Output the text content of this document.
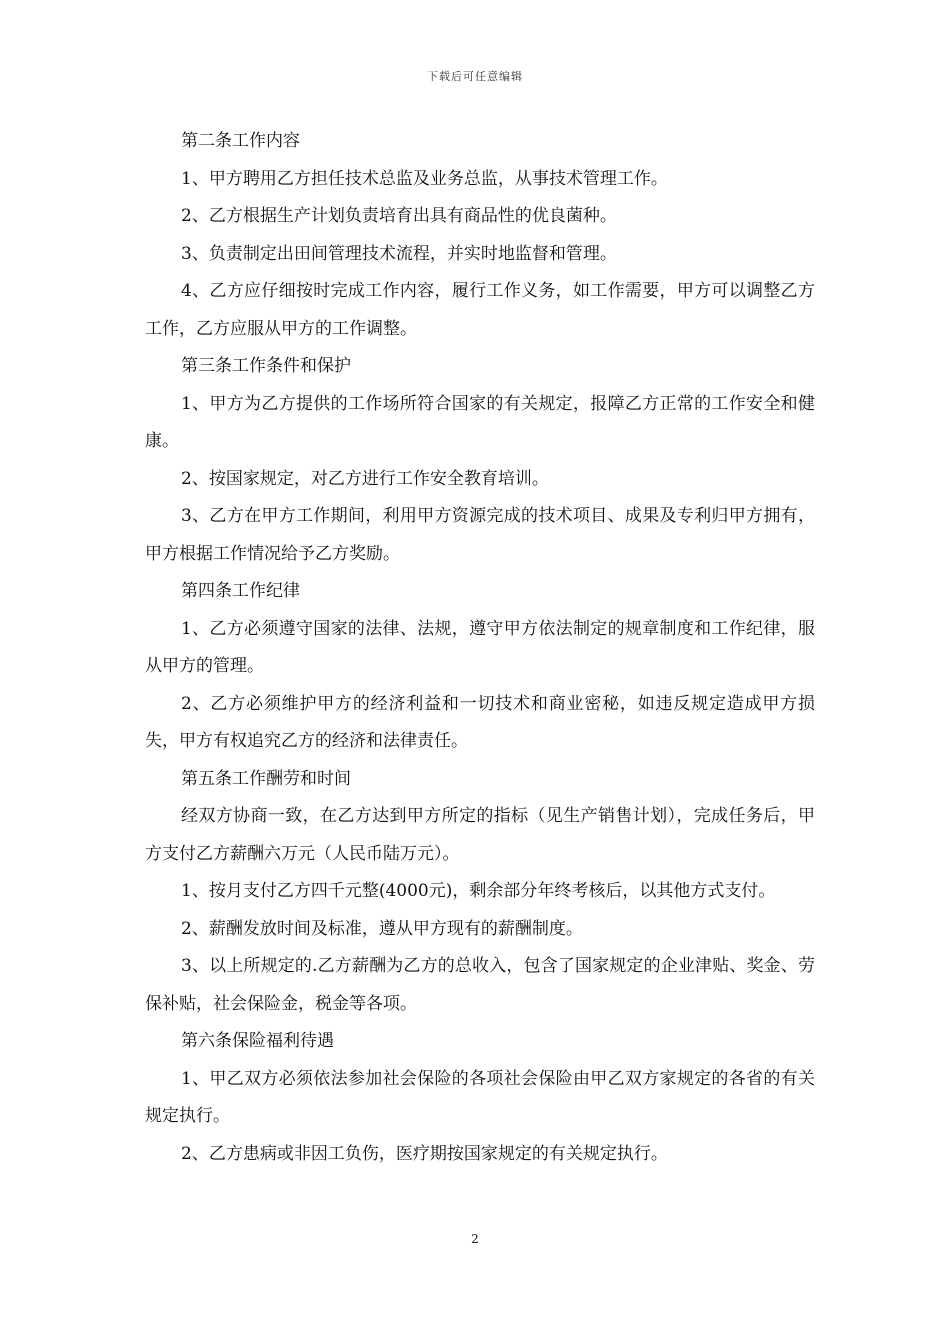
下载后可任意编辑

第二条工作内容

1、甲方聘用乙方担任技术总监及业务总监，从事技术管理工作。

2、乙方根据生产计划负责培育出具有商品性的优良菌种。

3、负责制定出田间管理技术流程，并实时地监督和管理。

4、乙方应仔细按时完成工作内容，履行工作义务，如工作需要，甲方可以调整乙方工作，乙方应服从甲方的工作调整。

第三条工作条件和保护

1、甲方为乙方提供的工作场所符合国家的有关规定，报障乙方正常的工作安全和健康。

2、按国家规定，对乙方进行工作安全教育培训。

3、乙方在甲方工作期间，利用甲方资源完成的技术项目、成果及专利归甲方拥有，甲方根据工作情况给予乙方奖励。

第四条工作纪律

1、乙方必须遵守国家的法律、法规，遵守甲方依法制定的规章制度和工作纪律，服从甲方的管理。

2、乙方必须维护甲方的经济利益和一切技术和商业密秘，如违反规定造成甲方损失，甲方有权追究乙方的经济和法律责任。

第五条工作酬劳和时间

经双方协商一致，在乙方达到甲方所定的指标（见生产销售计划），完成任务后，甲方支付乙方薪酬六万元（人民币陆万元）。

1、按月支付乙方四千元整(4000元)，剩余部分年终考核后，以其他方式支付。

2、薪酬发放时间及标准，遵从甲方现有的薪酬制度。

3、以上所规定的.乙方薪酬为乙方的总收入，包含了国家规定的企业津贴、奖金、劳保补贴，社会保险金，税金等各项。

第六条保险福利待遇

1、甲乙双方必须依法参加社会保险的各项社会保险由甲乙双方家规定的各省的有关规定执行。

2、乙方患病或非因工负伤，医疗期按国家规定的有关规定执行。

2
